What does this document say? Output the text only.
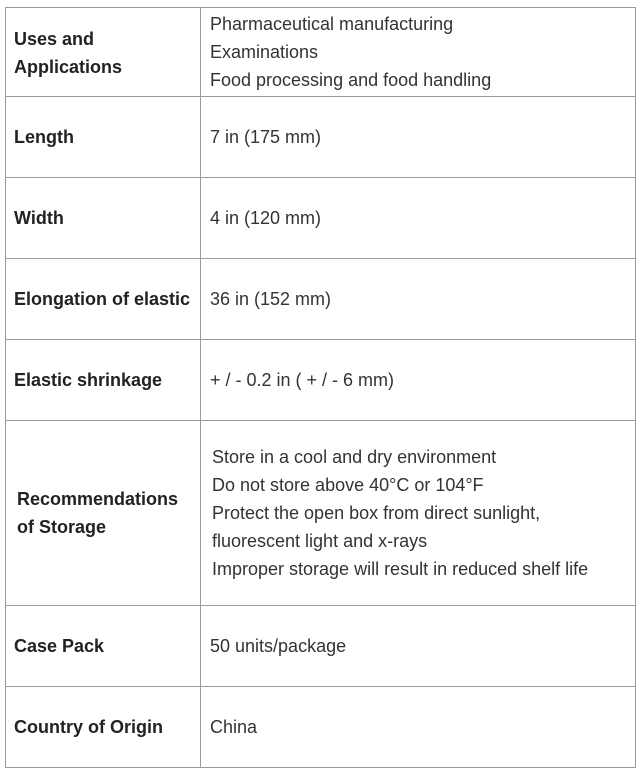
Uses and
Applications	Pharmaceutical manufacturing
Examinations
Food processing and food handling

Length	7 in (175 mm)

Width	4 in (120 mm)

Elongation of elastic	36 in (152 mm)

Elastic shrinkage	+ / - 0.2 in ( + / - 6 mm)

Recommendations
of Storage	Store in a cool and dry environment
Do not store above 40°C or 104°F
Protect the open box from direct sunlight,
fluorescent light and x-rays
Improper storage will result in reduced shelf life

Case Pack	50 units/package

Country of Origin	China
